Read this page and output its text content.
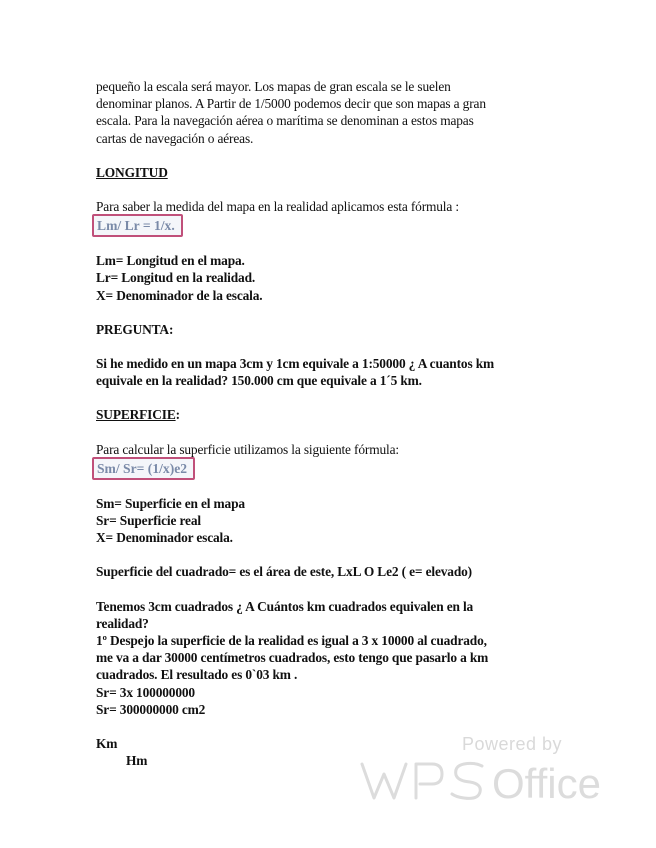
pequeño la escala será mayor. Los mapas de gran escala se le suelen

denominar planos. A Partir de 1/5000 podemos decir que son mapas a gran

escala. Para la navegación aérea o marítima se denominan a estos mapas

cartas de navegación o aéreas.

LONGITUD

Para saber la medida del mapa en la realidad aplicamos esta fórmula :

Lm/ Lr = 1/x.

Lm= Longitud en el mapa.

Lr= Longitud en la realidad.

X= Denominador de la escala.

PREGUNTA:

Si he medido en un mapa 3cm y 1cm equivale a 1:50000 ¿ A cuantos km

equivale en la realidad? 150.000 cm que equivale a 1´5 km.

SUPERFICIE:

Para calcular la superficie utilizamos la siguiente fórmula:

Sm/ Sr= (1/x)e2

Sm= Superficie en el mapa

Sr= Superficie real

X= Denominador escala.

Superficie del cuadrado= es el área de este, LxL O Le2 ( e= elevado)

Tenemos 3cm cuadrados ¿ A Cuántos km cuadrados equivalen en la

realidad?

1º Despejo la superficie de la realidad es igual a 3 x 10000 al cuadrado,

me va a dar 30000 centímetros cuadrados, esto tengo que pasarlo a km

cuadrados. El resultado es 0`03 km .

Sr= 3x 100000000

Sr= 300000000 cm2

Km

Hm

Powered by
Office
